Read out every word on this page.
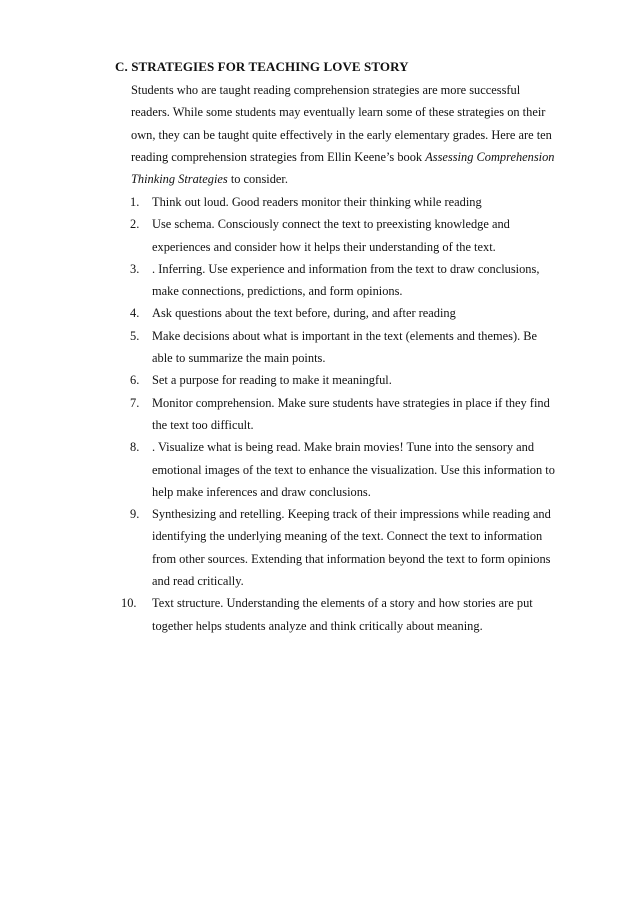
C. STRATEGIES FOR TEACHING LOVE STORY
Students who are taught reading comprehension strategies are more successful
readers. While some students may eventually learn some of these strategies on their
own, they can be taught quite effectively in the early elementary grades. Here are ten
reading comprehension strategies from Ellin Keene’s book Assessing Comprehension
Thinking Strategies to consider.
1.	Think out loud. Good readers monitor their thinking while reading
2.	Use schema. Consciously connect the text to preexisting knowledge and
experiences and consider how it helps their understanding of the text.
3.	. Inferring. Use experience and information from the text to draw conclusions,
make connections, predictions, and form opinions.
4.	Ask questions about the text before, during, and after reading
5.	Make decisions about what is important in the text (elements and themes). Be
able to summarize the main points.
6.	Set a purpose for reading to make it meaningful.
7.	Monitor comprehension. Make sure students have strategies in place if they find
the text too difficult.
8.	. Visualize what is being read. Make brain movies! Tune into the sensory and
emotional images of the text to enhance the visualization. Use this information to
help make inferences and draw conclusions.
9.	Synthesizing and retelling. Keeping track of their impressions while reading and
identifying the underlying meaning of the text. Connect the text to information
from other sources. Extending that information beyond the text to form opinions
and read critically.
10.	Text structure. Understanding the elements of a story and how stories are put
together helps students analyze and think critically about meaning.
